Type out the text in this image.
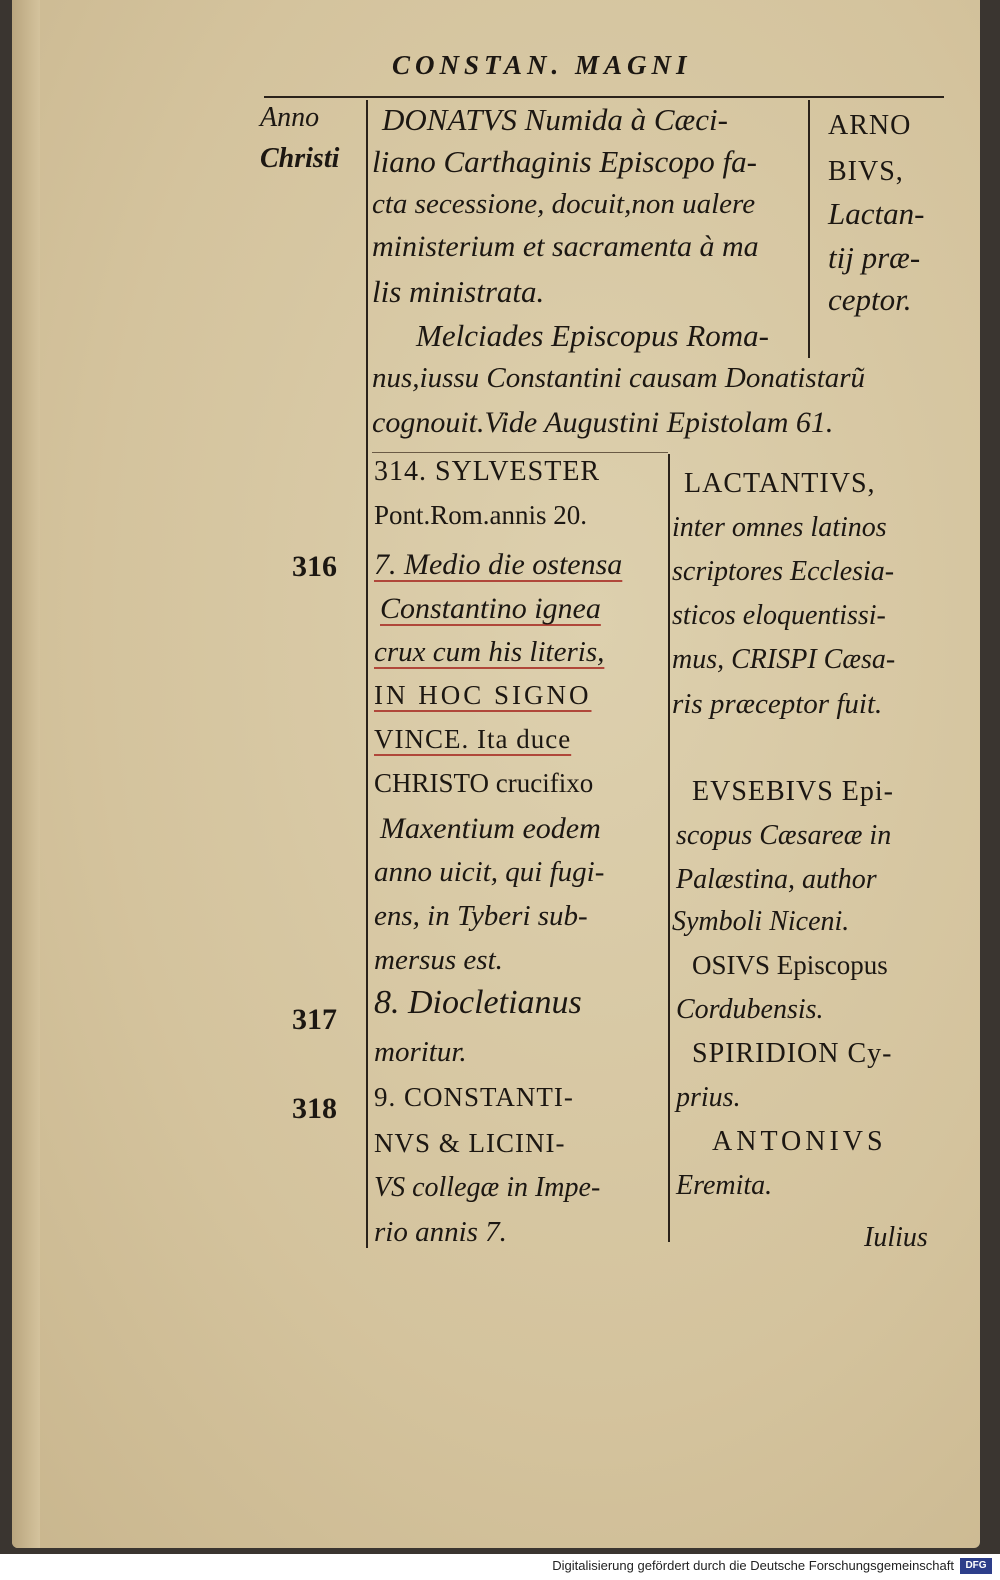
CONSTAN. MAGNI
Anno
Christi
316
317
318
DONATVS Numida à Cæci-
liano Carthaginis Episcopo fa-
cta secessione, docuit,non ualere
ministerium et sacramenta à ma
lis ministrata.
ARNO
BIVS,
Lactan-
tij præ-
ceptor.
Melciades Episcopus Roma-
nus,iussu Constantini causam Donatistarũ
cognouit.Vide Augustini Epistolam 61.
314. SYLVESTER
Pont.Rom.annis 20.
7. Medio die ostensa
Constantino ignea
crux cum his literis,
IN HOC SIGNO
VINCE. Ita duce
CHRISTO crucifixo
Maxentium eodem
anno uicit, qui fugi-
ens, in Tyberi sub-
mersus est.
8. Diocletianus
moritur.
9. CONSTANTI-
NVS & LICINI-
VS collegæ in Impe-
rio annis 7.
LACTANTIVS,
inter omnes latinos
scriptores Ecclesia-
sticos eloquentissi-
mus, CRISPI Cæsa-
ris præceptor fuit.
EVSEBIVS Epi-
scopus Cæsareæ in
Palæstina, author
Symboli Niceni.
OSIVS Episcopus
Cordubensis.
SPIRIDION Cy-
prius.
ANTONIVS
Eremita.
Iulius
Digitalisierung gefördert durch die Deutsche Forschungsgemeinschaft	DFG
